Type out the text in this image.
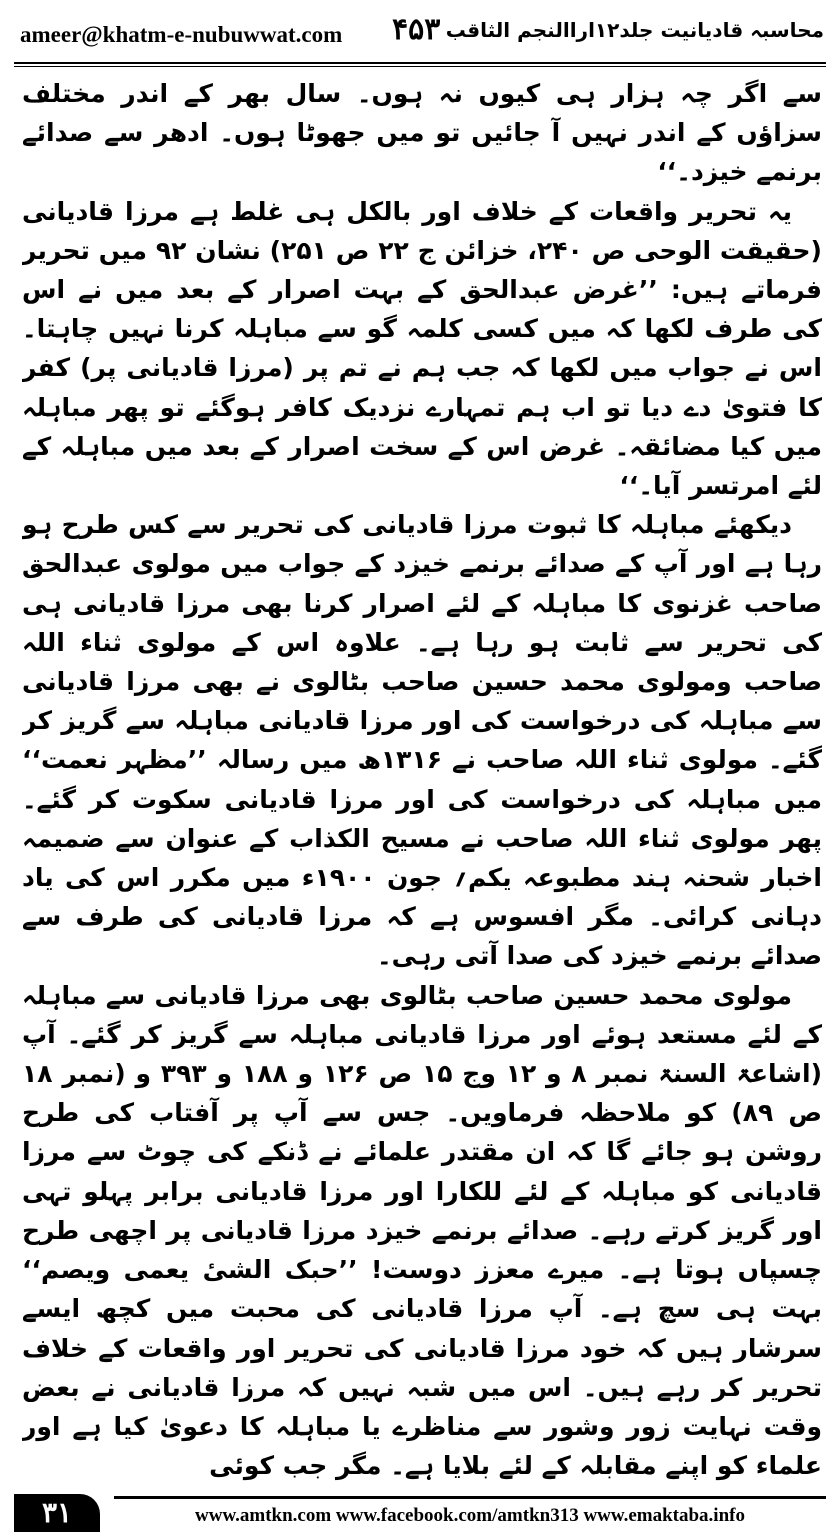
ameer@khatm-e-nubuwwat.com ۴۵۳ محاسبہ قادیانیت جلد۱۲اراالنجم الثاقب

سے اگر چہ ہزار ہی کیوں نہ ہوں۔ سال بھر کے اندر مختلف سزاؤں کے اندر نہیں آ جائیں تو میں جھوٹا ہوں۔ ادھر سے صدائے برنمے خیزد۔‘‘

یہ تحریر واقعات کے خلاف اور بالکل ہی غلط ہے مرزا قادیانی (حقیقت الوحی ص ۲۴۰، خزائن ج ۲۲ ص ۲۵۱) نشان ۹۲ میں تحریر فرماتے ہیں: ’’غرض عبدالحق کے بہت اصرار کے بعد میں نے اس کی طرف لکھا کہ میں کسی کلمہ گو سے مباہلہ کرنا نہیں چاہتا۔ اس نے جواب میں لکھا کہ جب ہم نے تم پر (مرزا قادیانی پر) کفر کا فتویٰ دے دیا تو اب ہم تمہارے نزدیک کافر ہوگئے تو پھر مباہلہ میں کیا مضائقہ۔ غرض اس کے سخت اصرار کے بعد میں مباہلہ کے لئے امرتسر آیا۔‘‘

دیکھئے مباہلہ کا ثبوت مرزا قادیانی کی تحریر سے کس طرح ہو رہا ہے اور آپ کے صدائے برنمے خیزد کے جواب میں مولوی عبدالحق صاحب غزنوی کا مباہلہ کے لئے اصرار کرنا بھی مرزا قادیانی ہی کی تحریر سے ثابت ہو رہا ہے۔ علاوہ اس کے مولوی ثناء اللہ صاحب ومولوی محمد حسین صاحب بٹالوی نے بھی مرزا قادیانی سے مباہلہ کی درخواست کی اور مرزا قادیانی مباہلہ سے گریز کر گئے۔ مولوی ثناء اللہ صاحب نے ۱۳۱۶ھ میں رسالہ ’’مظہر نعمت‘‘ میں مباہلہ کی درخواست کی اور مرزا قادیانی سکوت کر گئے۔ پھر مولوی ثناء اللہ صاحب نے مسیح الکذاب کے عنوان سے ضمیمہ اخبار شحنہ ہند مطبوعہ یکم؍ جون ۱۹۰۰ء میں مکرر اس کی یاد دہانی کرائی۔ مگر افسوس ہے کہ مرزا قادیانی کی طرف سے صدائے برنمے خیزد کی صدا آتی رہی۔

مولوی محمد حسین صاحب بٹالوی بھی مرزا قادیانی سے مباہلہ کے لئے مستعد ہوئے اور مرزا قادیانی مباہلہ سے گریز کر گئے۔ آپ (اشاعۃ السنۃ نمبر ۸ و ۱۲ وج ۱۵ ص ۱۲۶ و ۱۸۸ و ۳۹۳ و (نمبر ۱۸ ص ۸۹) کو ملاحظہ فرماویں۔ جس سے آپ پر آفتاب کی طرح روشن ہو جائے گا کہ ان مقتدر علمائے نے ڈنکے کی چوٹ سے مرزا قادیانی کو مباہلہ کے لئے للکارا اور مرزا قادیانی برابر پہلو تہی اور گریز کرتے رہے۔ صدائے برنمے خیزد مرزا قادیانی پر اچھی طرح چسپاں ہوتا ہے۔ میرے معزز دوست! ’’حبک الشیٔ یعمی ویصم‘‘ بہت ہی سچ ہے۔ آپ مرزا قادیانی کی محبت میں کچھ ایسے سرشار ہیں کہ خود مرزا قادیانی کی تحریر اور واقعات کے خلاف تحریر کر رہے ہیں۔ اس میں شبہ نہیں کہ مرزا قادیانی نے بعض وقت نہایت زور وشور سے مناظرے یا مباہلہ کا دعویٰ کیا ہے اور علماء کو اپنے مقابلہ کے لئے بلایا ہے۔ مگر جب کوئی

۳۱	www.amtkn.com www.facebook.com/amtkn313 www.emaktaba.info
